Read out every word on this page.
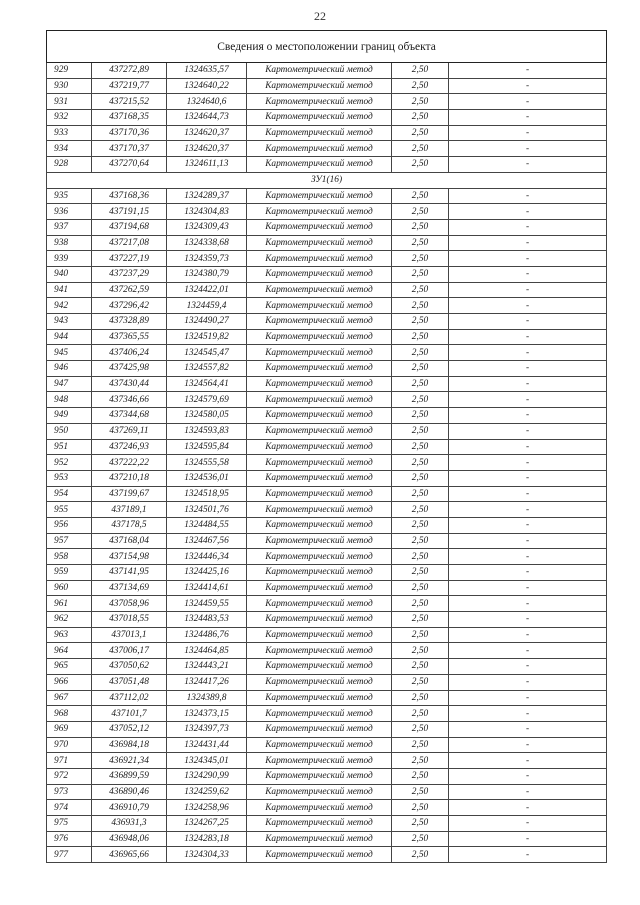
22
Сведения о местоположении границ объекта					
929	437272,89	1324635,57	Картометрический метод	2,50	-
930	437219,77	1324640,22	Картометрический метод	2,50	-
931	437215,52	1324640,6	Картометрический метод	2,50	-
932	437168,35	1324644,73	Картометрический метод	2,50	-
933	437170,36	1324620,37	Картометрический метод	2,50	-
934	437170,37	1324620,37	Картометрический метод	2,50	-
928	437270,64	1324611,13	Картометрический метод	2,50	-
ЗУ1(16)					
935	437168,36	1324289,37	Картометрический метод	2,50	-
936	437191,15	1324304,83	Картометрический метод	2,50	-
937	437194,68	1324309,43	Картометрический метод	2,50	-
938	437217,08	1324338,68	Картометрический метод	2,50	-
939	437227,19	1324359,73	Картометрический метод	2,50	-
940	437237,29	1324380,79	Картометрический метод	2,50	-
941	437262,59	1324422,01	Картометрический метод	2,50	-
942	437296,42	1324459,4	Картометрический метод	2,50	-
943	437328,89	1324490,27	Картометрический метод	2,50	-
944	437365,55	1324519,82	Картометрический метод	2,50	-
945	437406,24	1324545,47	Картометрический метод	2,50	-
946	437425,98	1324557,82	Картометрический метод	2,50	-
947	437430,44	1324564,41	Картометрический метод	2,50	-
948	437346,66	1324579,69	Картометрический метод	2,50	-
949	437344,68	1324580,05	Картометрический метод	2,50	-
950	437269,11	1324593,83	Картометрический метод	2,50	-
951	437246,93	1324595,84	Картометрический метод	2,50	-
952	437222,22	1324555,58	Картометрический метод	2,50	-
953	437210,18	1324536,01	Картометрический метод	2,50	-
954	437199,67	1324518,95	Картометрический метод	2,50	-
955	437189,1	1324501,76	Картометрический метод	2,50	-
956	437178,5	1324484,55	Картометрический метод	2,50	-
957	437168,04	1324467,56	Картометрический метод	2,50	-
958	437154,98	1324446,34	Картометрический метод	2,50	-
959	437141,95	1324425,16	Картометрический метод	2,50	-
960	437134,69	1324414,61	Картометрический метод	2,50	-
961	437058,96	1324459,55	Картометрический метод	2,50	-
962	437018,55	1324483,53	Картометрический метод	2,50	-
963	437013,1	1324486,76	Картометрический метод	2,50	-
964	437006,17	1324464,85	Картометрический метод	2,50	-
965	437050,62	1324443,21	Картометрический метод	2,50	-
966	437051,48	1324417,26	Картометрический метод	2,50	-
967	437112,02	1324389,8	Картометрический метод	2,50	-
968	437101,7	1324373,15	Картометрический метод	2,50	-
969	437052,12	1324397,73	Картометрический метод	2,50	-
970	436984,18	1324431,44	Картометрический метод	2,50	-
971	436921,34	1324345,01	Картометрический метод	2,50	-
972	436899,59	1324290,99	Картометрический метод	2,50	-
973	436890,46	1324259,62	Картометрический метод	2,50	-
974	436910,79	1324258,96	Картометрический метод	2,50	-
975	436931,3	1324267,25	Картометрический метод	2,50	-
976	436948,06	1324283,18	Картометрический метод	2,50	-
977	436965,66	1324304,33	Картометрический метод	2,50	-
